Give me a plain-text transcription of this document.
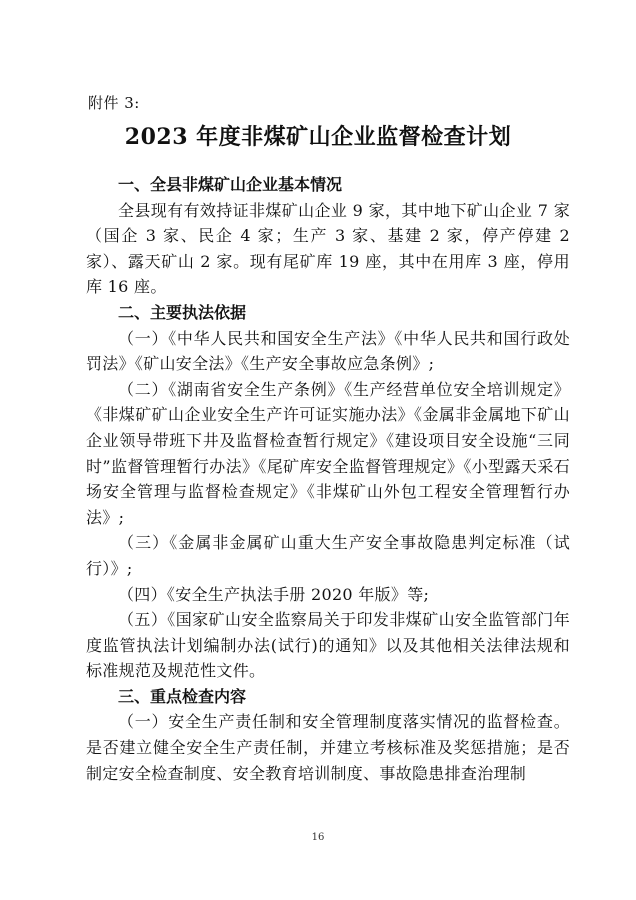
附件 3:
2023 年度非煤矿山企业监督检查计划

一、全县非煤矿山企业基本情况

全县现有有效持证非煤矿山企业 9 家，其中地下矿山企业 7 家（国企 3 家、民企 4 家；生产 3 家、基建 2 家，停产停建 2 家）、露天矿山 2 家。现有尾矿库 19 座，其中在用库 3 座，停用库 16 座。

二、主要执法依据

（一）《中华人民共和国安全生产法》《中华人民共和国行政处罚法》《矿山安全法》《生产安全事故应急条例》;

（二）《湖南省安全生产条例》《生产经营单位安全培训规定》《非煤矿矿山企业安全生产许可证实施办法》《金属非金属地下矿山企业领导带班下井及监督检查暂行规定》《建设项目安全设施“三同时”监督管理暂行办法》《尾矿库安全监督管理规定》《小型露天采石场安全管理与监督检查规定》《非煤矿山外包工程安全管理暂行办法》;

（三）《金属非金属矿山重大生产安全事故隐患判定标准（试行）》;

（四）《安全生产执法手册 2020 年版》等;

（五）《国家矿山安全监察局关于印发非煤矿山安全监管部门年度监管执法计划编制办法(试行)的通知》以及其他相关法律法规和标准规范及规范性文件。

三、重点检查内容

（一）安全生产责任制和安全管理制度落实情况的监督检查。是否建立健全安全生产责任制，并建立考核标准及奖惩措施；是否制定安全检查制度、安全教育培训制度、事故隐患排查治理制

16
